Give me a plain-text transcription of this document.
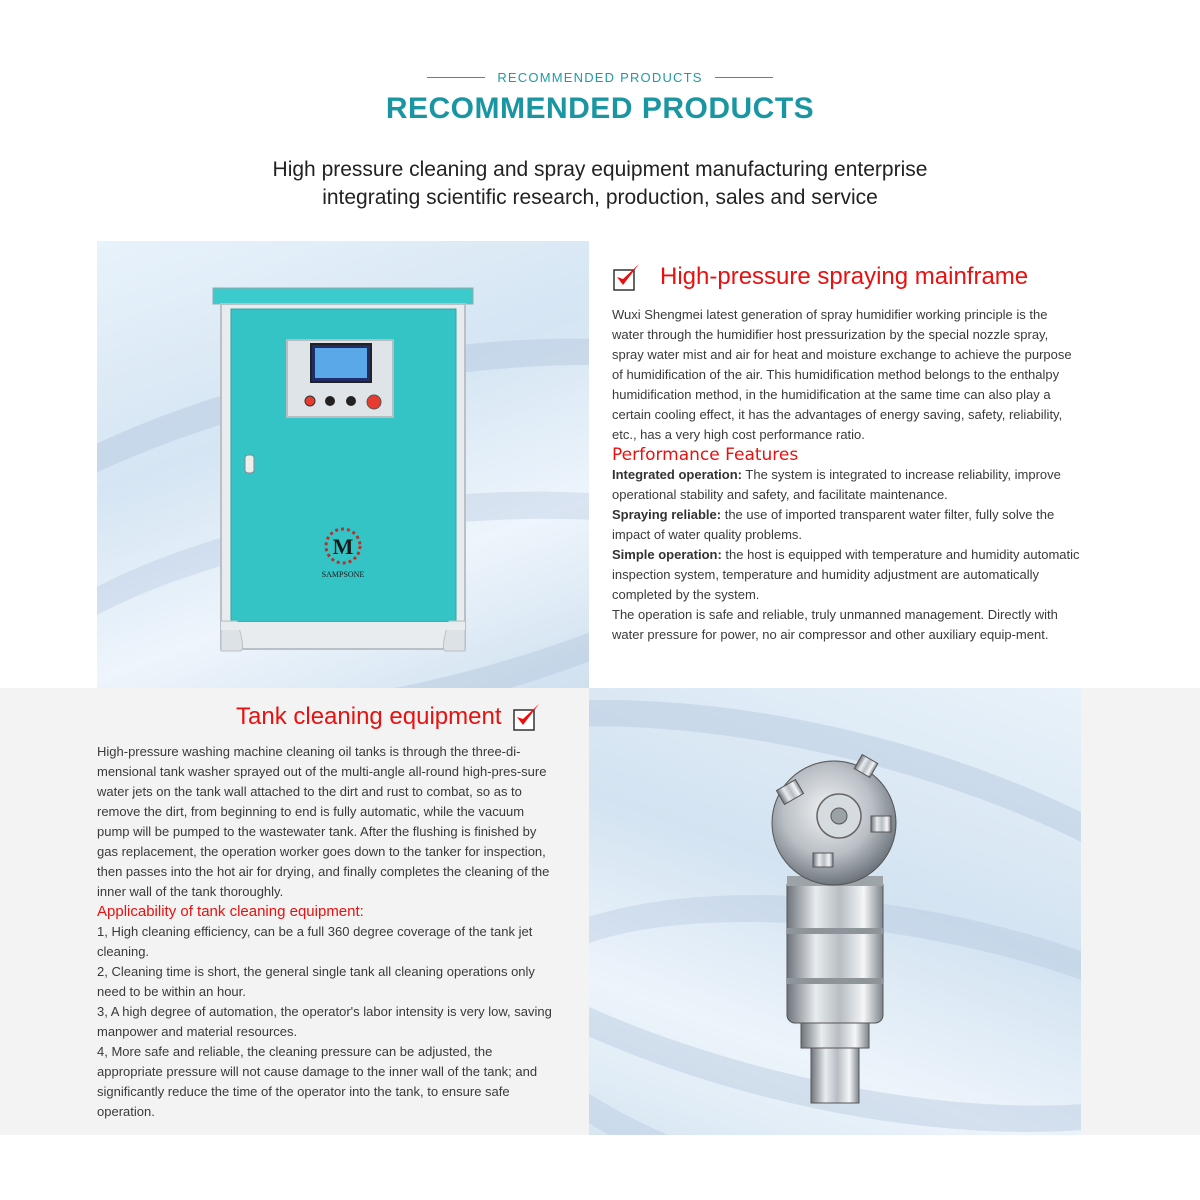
RECOMMENDED PRODUCTS
RECOMMENDED PRODUCTS
High pressure cleaning and spray equipment manufacturing enterprise
integrating scientific research, production, sales and service
M
SAMPSONE
High-pressure spraying mainframe

Wuxi Shengmei latest generation of spray humidifier working principle is the water through the humidifier host pressurization by the special nozzle spray, spray water mist and air for heat and moisture exchange to achieve the purpose of humidification of the air. This humidification method belongs to the enthalpy humidification method, in the humidification at the same time can also play a certain cooling effect, it has the advantages of energy saving, safety, reliability, etc., has a very high cost performance ratio.

Performance Features

Integrated operation: The system is integrated to increase reliability, improve operational stability and safety, and facilitate maintenance.

Spraying reliable: the use of imported transparent water filter, fully solve the impact of water quality problems.

Simple operation: the host is equipped with temperature and humidity automatic inspection system, temperature and humidity adjustment are automatically completed by the system.

The operation is safe and reliable, truly unmanned management. Directly with water pressure for power, no air compressor and other auxiliary equip-ment.

Tank cleaning equipment

High-pressure washing machine cleaning oil tanks is through the three-di-mensional tank washer sprayed out of the multi-angle all-round high-pres-sure water jets on the tank wall attached to the dirt and rust to combat, so as to remove the dirt, from beginning to end is fully automatic, while the vacuum pump will be pumped to the wastewater tank. After the flushing is finished by gas replacement, the operation worker goes down to the tanker for inspection, then passes into the hot air for drying, and finally completes the cleaning of the inner wall of the tank thoroughly.

Applicability of tank cleaning equipment:

1, High cleaning efficiency, can be a full 360 degree coverage of the tank jet cleaning.

2, Cleaning time is short, the general single tank all cleaning operations only need to be within an hour.

3, A high degree of automation, the operator's labor intensity is very low, saving manpower and material resources.

4, More safe and reliable, the cleaning pressure can be adjusted, the appropriate pressure will not cause damage to the inner wall of the tank; and significantly reduce the time of the operator into the tank, to ensure safe operation.
